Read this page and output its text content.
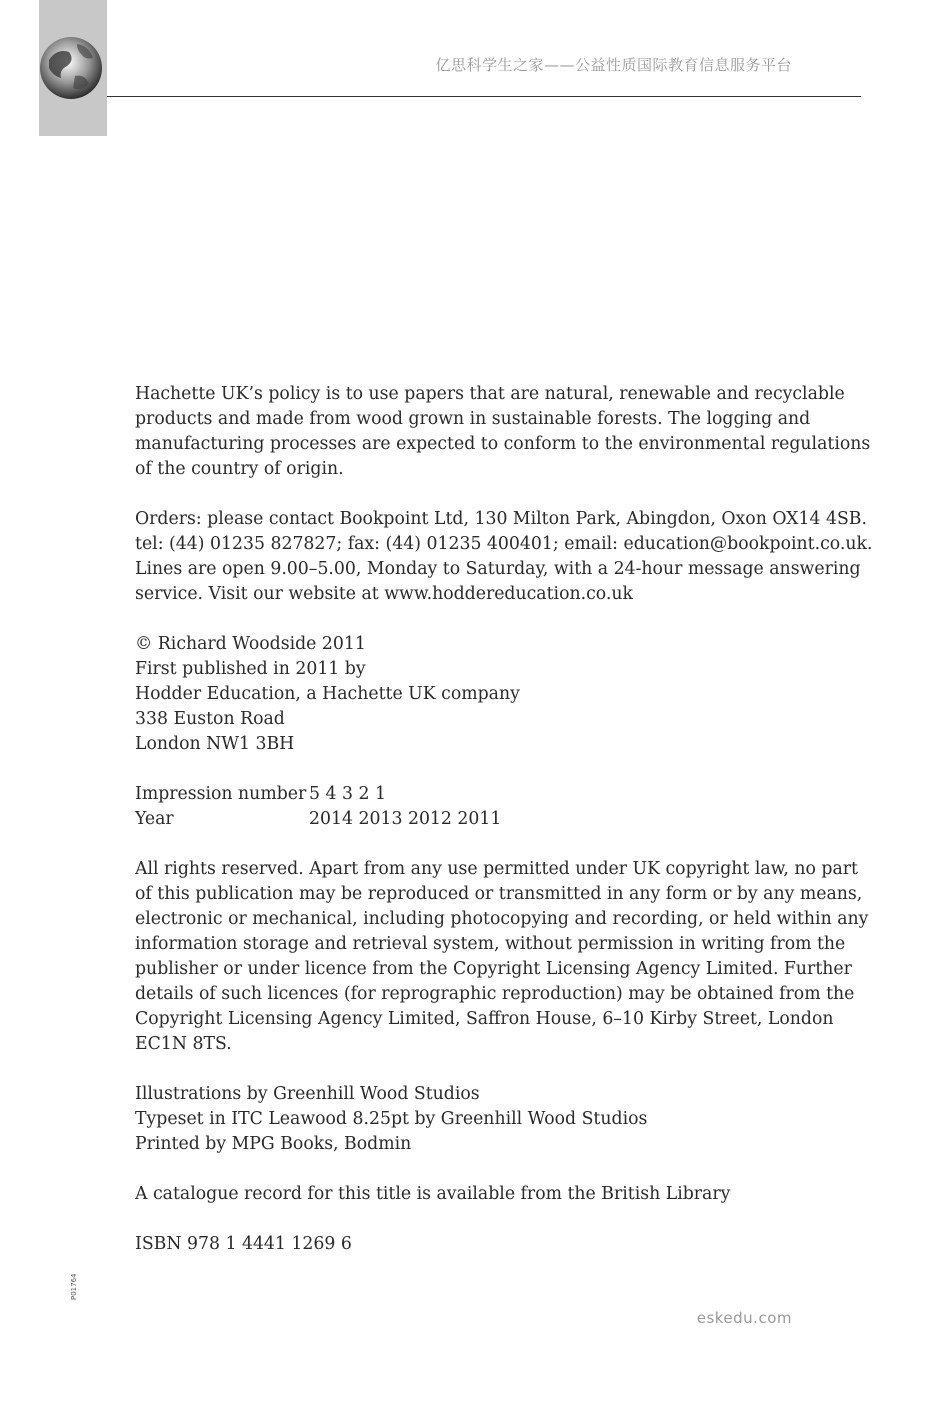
亿思科学生之家——公益性质国际教育信息服务平台

Hachette UK’s policy is to use papers that are natural, renewable and recyclable
products and made from wood grown in sustainable forests. The logging and
manufacturing processes are expected to conform to the environmental regulations
of the country of origin.

Orders: please contact Bookpoint Ltd, 130 Milton Park, Abingdon, Oxon OX14 4SB.
tel: (44) 01235 827827; fax: (44) 01235 400401; email: education@bookpoint.co.uk.
Lines are open 9.00–5.00, Monday to Saturday, with a 24-hour message answering
service. Visit our website at www.hoddereducation.co.uk

© Richard Woodside 2011
First published in 2011 by
Hodder Education, a Hachette UK company
338 Euston Road
London NW1 3BH

Impression number 5 4 3 2 1
Year	2014 2013 2012 2011

All rights reserved. Apart from any use permitted under UK copyright law, no part
of this publication may be reproduced or transmitted in any form or by any means,
electronic or mechanical, including photocopying and recording, or held within any
information storage and retrieval system, without permission in writing from the
publisher or under licence from the Copyright Licensing Agency Limited. Further
details of such licences (for reprographic reproduction) may be obtained from the
Copyright Licensing Agency Limited, Saffron House, 6–10 Kirby Street, London
EC1N 8TS.

Illustrations by Greenhill Wood Studios
Typeset in ITC Leawood 8.25pt by Greenhill Wood Studios
Printed by MPG Books, Bodmin

A catalogue record for this title is available from the British Library

ISBN 978 1 4441 1269 6

P01764
eskedu.com
